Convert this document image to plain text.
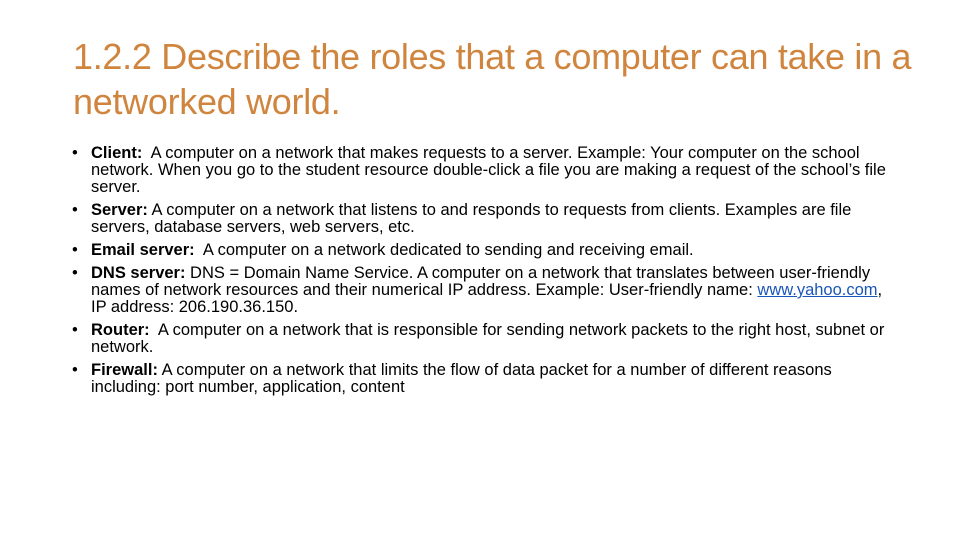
1.2.2 Describe the roles that a computer can take in a networked world.
• Client:  A computer on a network that makes requests to a server. Example: Your computer on the school network. When you go to the student resource double-click a file you are making a request of the school’s file server.
• Server: A computer on a network that listens to and responds to requests from clients. Examples are file servers, database servers, web servers, etc.
• Email server:  A computer on a network dedicated to sending and receiving email.
• DNS server: DNS = Domain Name Service. A computer on a network that translates between user-friendly names of network resources and their numerical IP address. Example: User-friendly name: www.yahoo.com, IP address: 206.190.36.150.
• Router:  A computer on a network that is responsible for sending network packets to the right host, subnet or network.
• Firewall: A computer on a network that limits the flow of data packet for a number of different reasons including: port number, application, content
